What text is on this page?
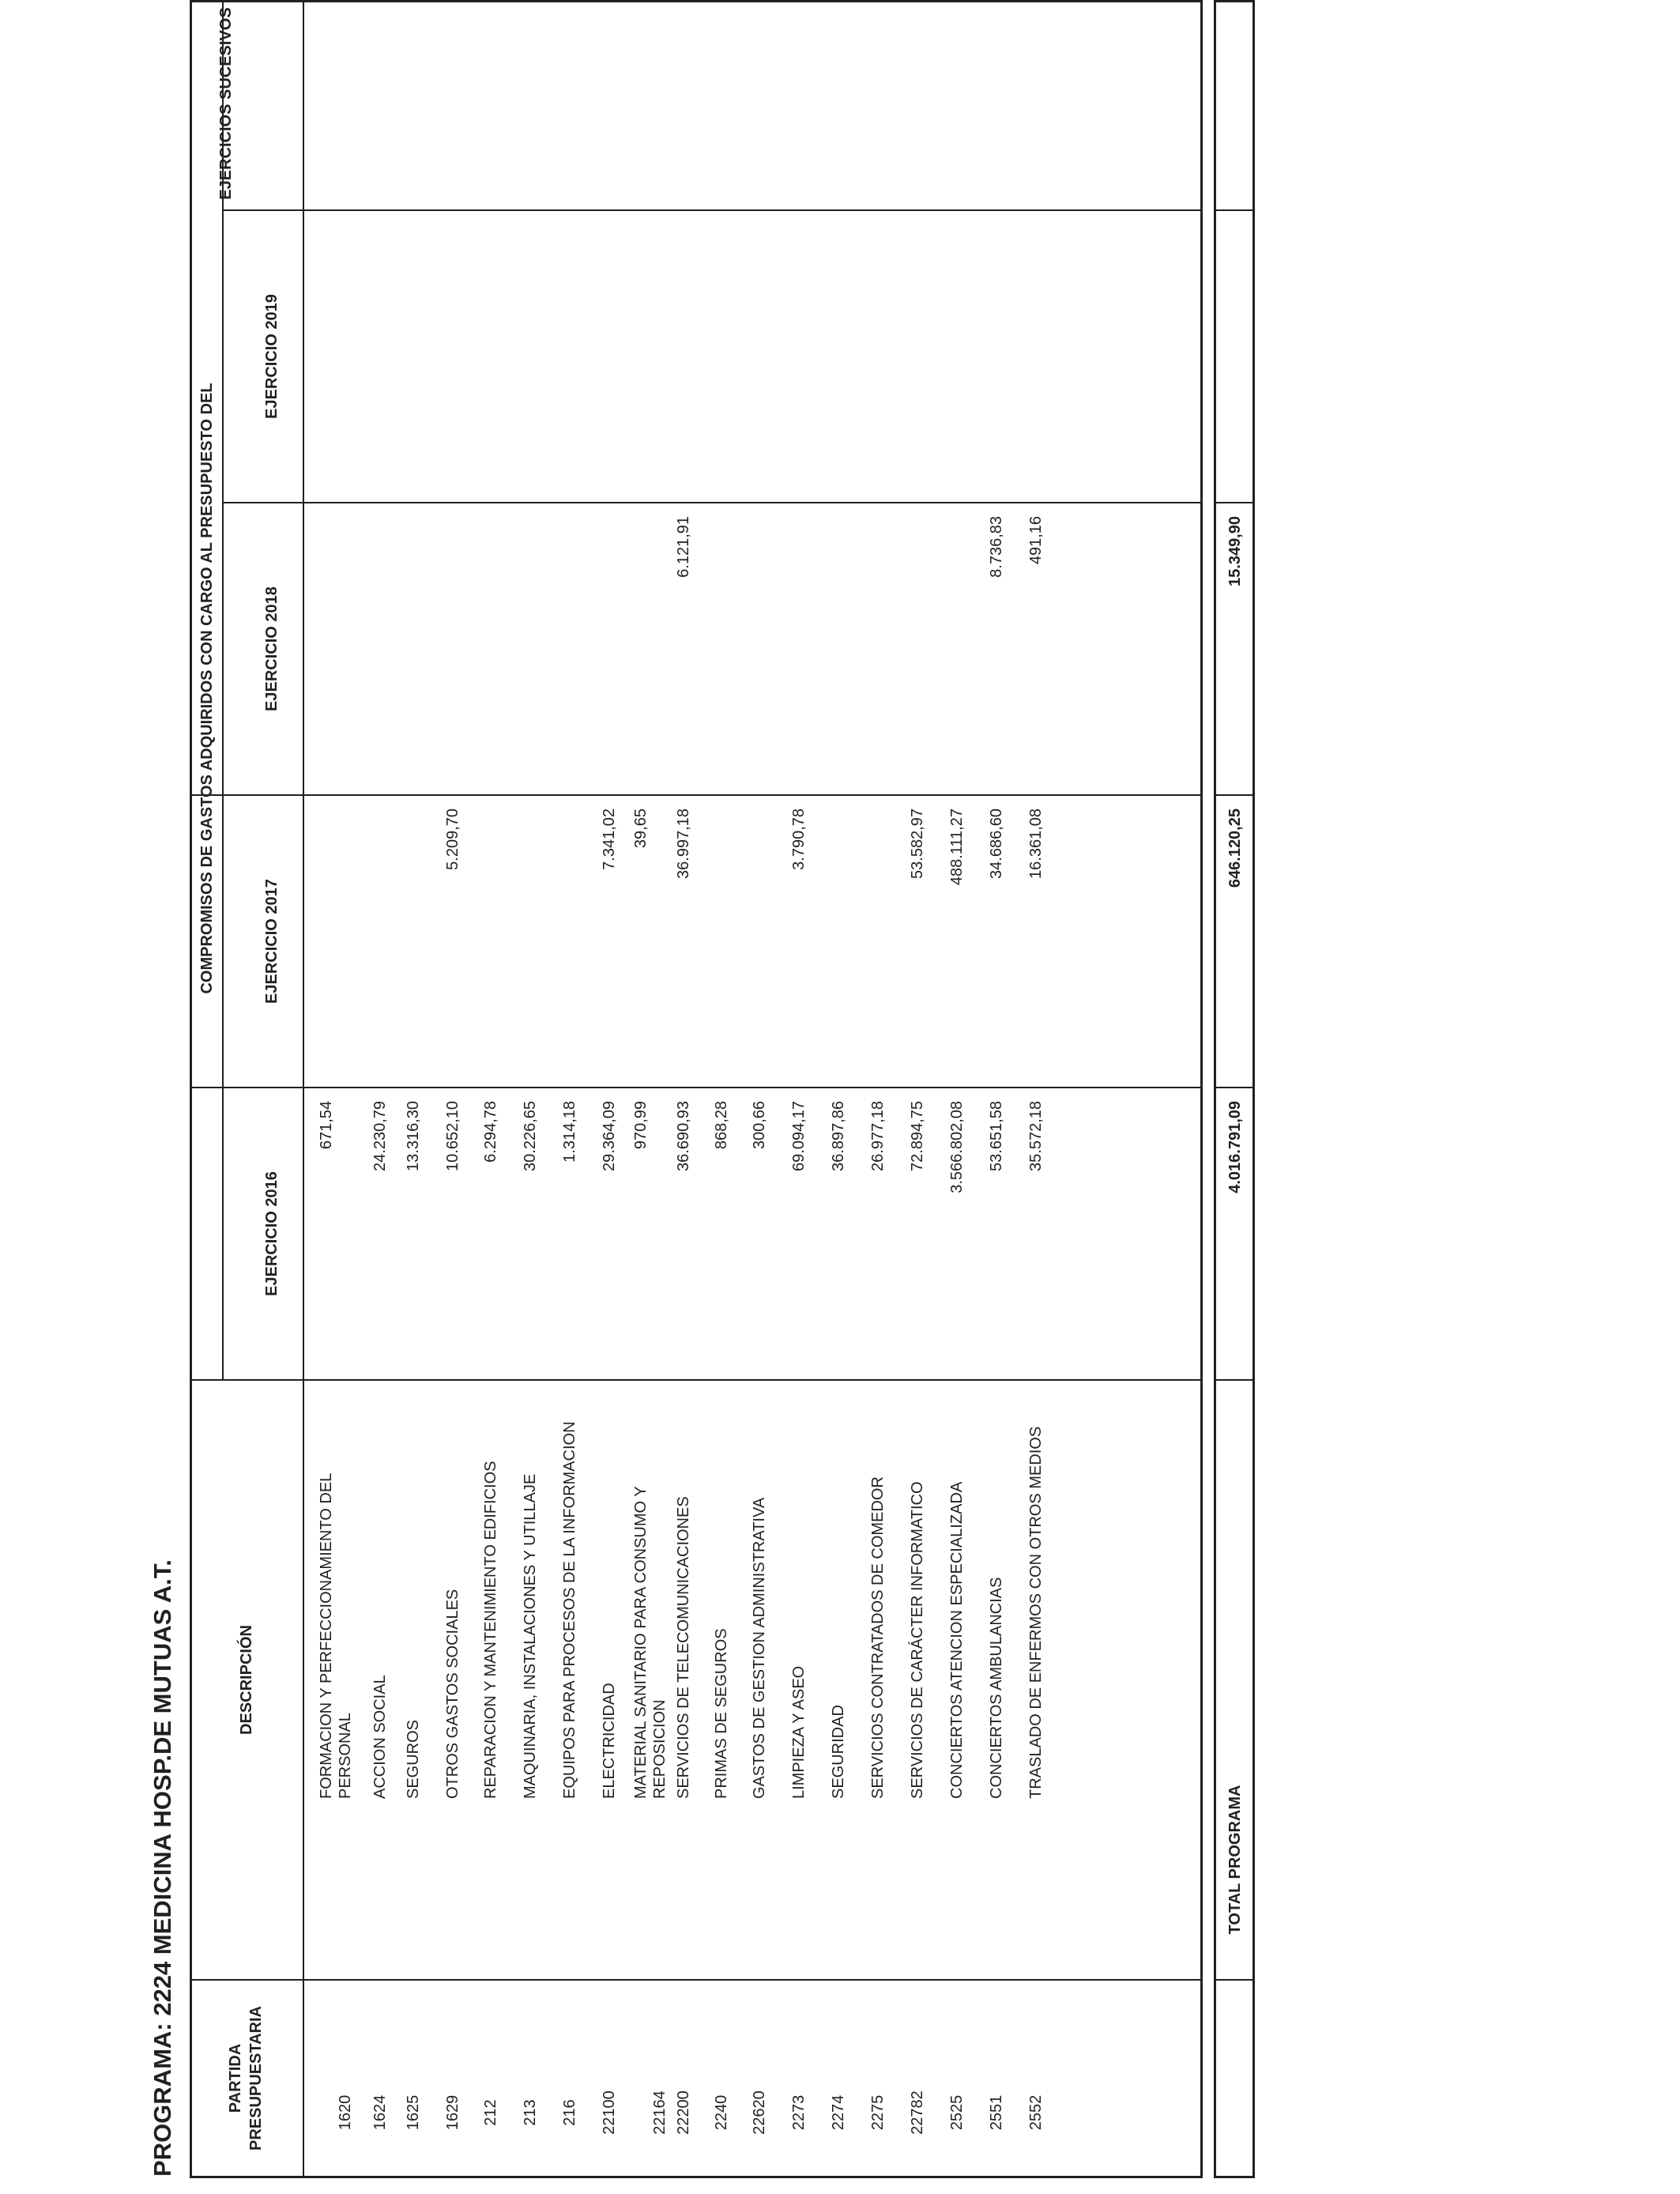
PROGRAMA: 2224 MEDICINA HOSP.DE MUTUAS A.T.	PARTIDA PRESUPUESTARIA
DESCRIPCIÓN
COMPROMISOS DE GASTOS ADQUIRIDOS CON CARGO AL PRESUPUESTO DEL
EJERCICIO 2016
EJERCICIO 2017
EJERCICIO 2018
EJERCICIO 2019
EJERCICIOS SUCESIVOS
1620
FORMACION Y PERFECCIONAMIENTO DEL PERSONAL
671,54
1624
ACCION SOCIAL
24.230,79
1625
SEGUROS
13.316,30
1629
OTROS GASTOS SOCIALES
10.652,10
5.209,70
212
REPARACION Y MANTENIMIENTO EDIFICIOS
6.294,78
213
MAQUINARIA, INSTALACIONES Y UTILLAJE
30.226,65
216
EQUIPOS PARA PROCESOS DE LA INFORMACION
1.314,18
22100
ELECTRICIDAD
29.364,09
7.341,02
22164
MATERIAL SANITARIO PARA CONSUMO Y REPOSICION
970,99
39,65
22200
SERVICIOS DE TELECOMUNICACIONES
36.690,93
36.997,18
6.121,91
2240
PRIMAS DE SEGUROS
868,28
22620
GASTOS DE GESTION ADMINISTRATIVA
300,66
2273
LIMPIEZA Y ASEO
69.094,17
3.790,78
2274
SEGURIDAD
36.897,86
2275
SERVICIOS CONTRATADOS DE COMEDOR
26.977,18
22782
SERVICIOS DE CARÁCTER INFORMATICO
72.894,75
53.582,97
2525
CONCIERTOS ATENCION ESPECIALIZADA
3.566.802,08
488.111,27
2551
CONCIERTOS AMBULANCIAS
53.651,58
34.686,60
8.736,83
2552
TRASLADO DE ENFERMOS CON OTROS MEDIOS
35.572,18
16.361,08
491,16
TOTAL PROGRAMA
4.016.791,09
646.120,25
15.349,90
